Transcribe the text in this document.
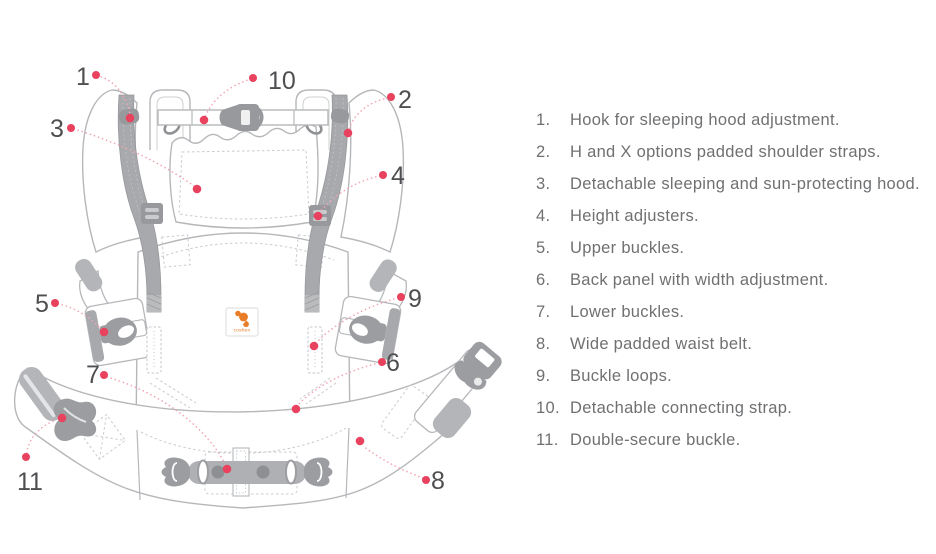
coshen
1	10
2
3
4
5	9
6
7
8
11
1.	Hook for sleeping hood adjustment.
2.	H and X options padded shoulder straps.
3.	Detachable sleeping and sun-protecting hood.
4.	Height adjusters.
5.	Upper buckles.
6.	Back panel with width adjustment.
7.	Lower buckles.
8.	Wide padded waist belt.
9.	Buckle loops.
10. Detachable connecting strap.
11. Double-secure buckle.
